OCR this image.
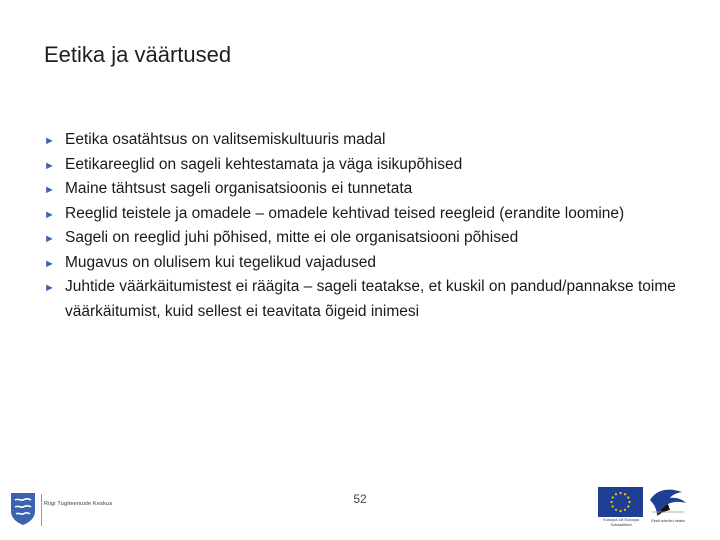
Eetika ja väärtused
► Eetika osatähtsus on valitsemiskultuuris madal
► Eetikareeglid on sageli kehtestamata ja väga isikupõhised
► Maine tähtsust sageli organisatsioonis ei tunnetata
► Reeglid teistele ja omadele – omadele kehtivad teised reegleid (erandite loomine)
► Sageli on reeglid juhi põhised, mitte ei ole organisatsiooni põhised
► Mugavus on olulisem kui tegelikud vajadused
► Juhtide väärkäitumistest ei räägita – sageli teatakse, et kuskil on pandud/pannakse toime väärkäitumist, kuid sellest ei teavitata õigeid inimesi
Riigi Tugiteenuste Keskus	52
Euroopa Liit Euroopa Sotsiaalfond
Eesti tuleviku heaks
